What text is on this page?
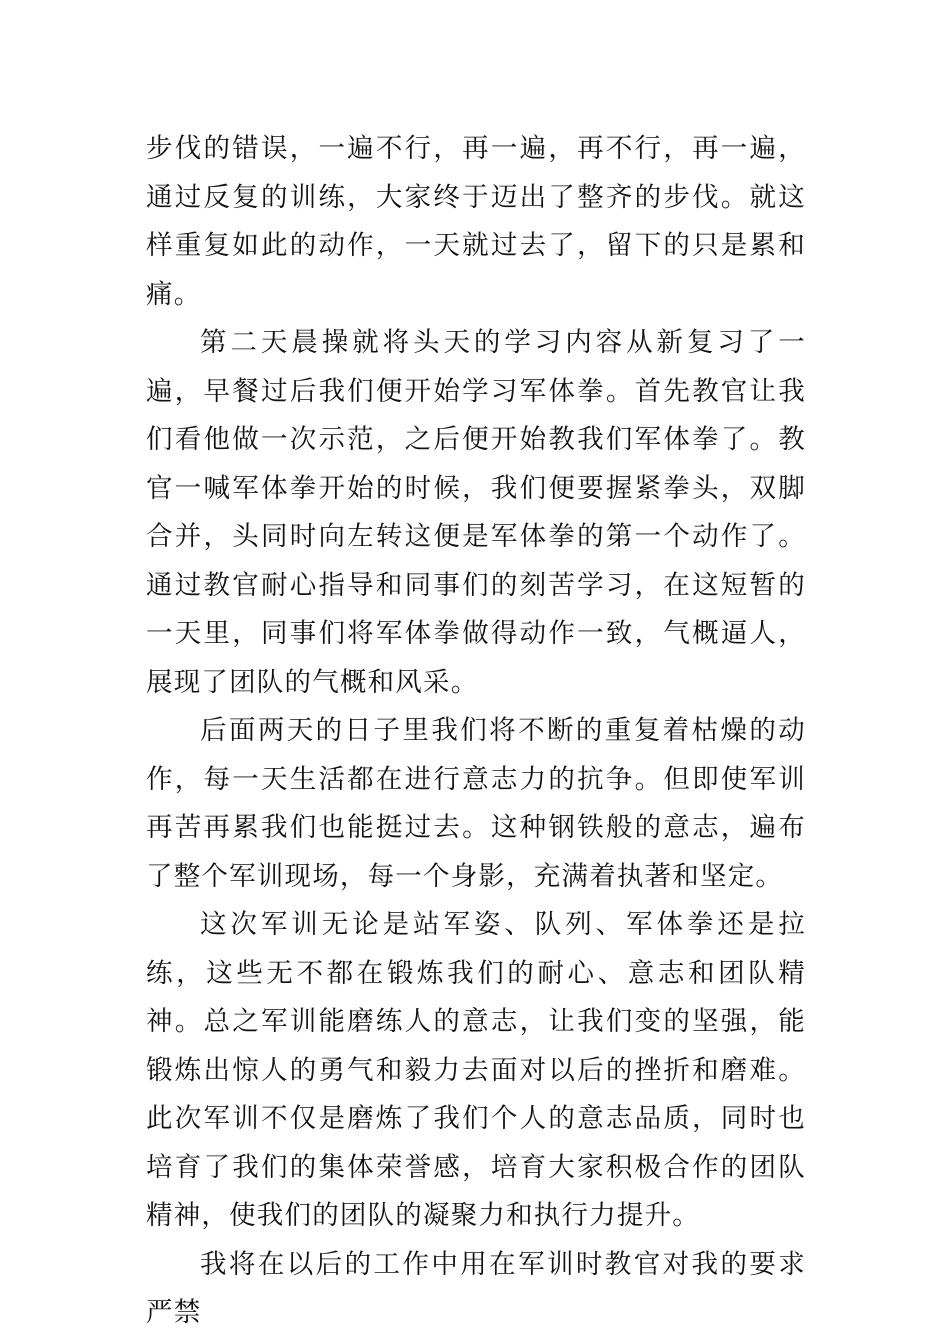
步伐的错误，一遍不行，再一遍，再不行，再一遍，通过反复的训练，大家终于迈出了整齐的步伐。就这样重复如此的动作，一天就过去了，留下的只是累和痛。

第二天晨操就将头天的学习内容从新复习了一遍，早餐过后我们便开始学习军体拳。首先教官让我们看他做一次示范，之后便开始教我们军体拳了。教官一喊军体拳开始的时候，我们便要握紧拳头，双脚合并，头同时向左转这便是军体拳的第一个动作了。通过教官耐心指导和同事们的刻苦学习，在这短暂的一天里，同事们将军体拳做得动作一致，气概逼人，展现了团队的气概和风采。

后面两天的日子里我们将不断的重复着枯燥的动作，每一天生活都在进行意志力的抗争。但即使军训再苦再累我们也能挺过去。这种钢铁般的意志，遍布了整个军训现场，每一个身影，充满着执著和坚定。

这次军训无论是站军姿、队列、军体拳还是拉练，这些无不都在锻炼我们的耐心、意志和团队精神。总之军训能磨练人的意志，让我们变的坚强，能锻炼出惊人的勇气和毅力去面对以后的挫折和磨难。此次军训不仅是磨炼了我们个人的意志品质，同时也培育了我们的集体荣誉感，培育大家积极合作的团队精神，使我们的团队的凝聚力和执行力提升。

我将在以后的工作中用在军训时教官对我的要求严禁
